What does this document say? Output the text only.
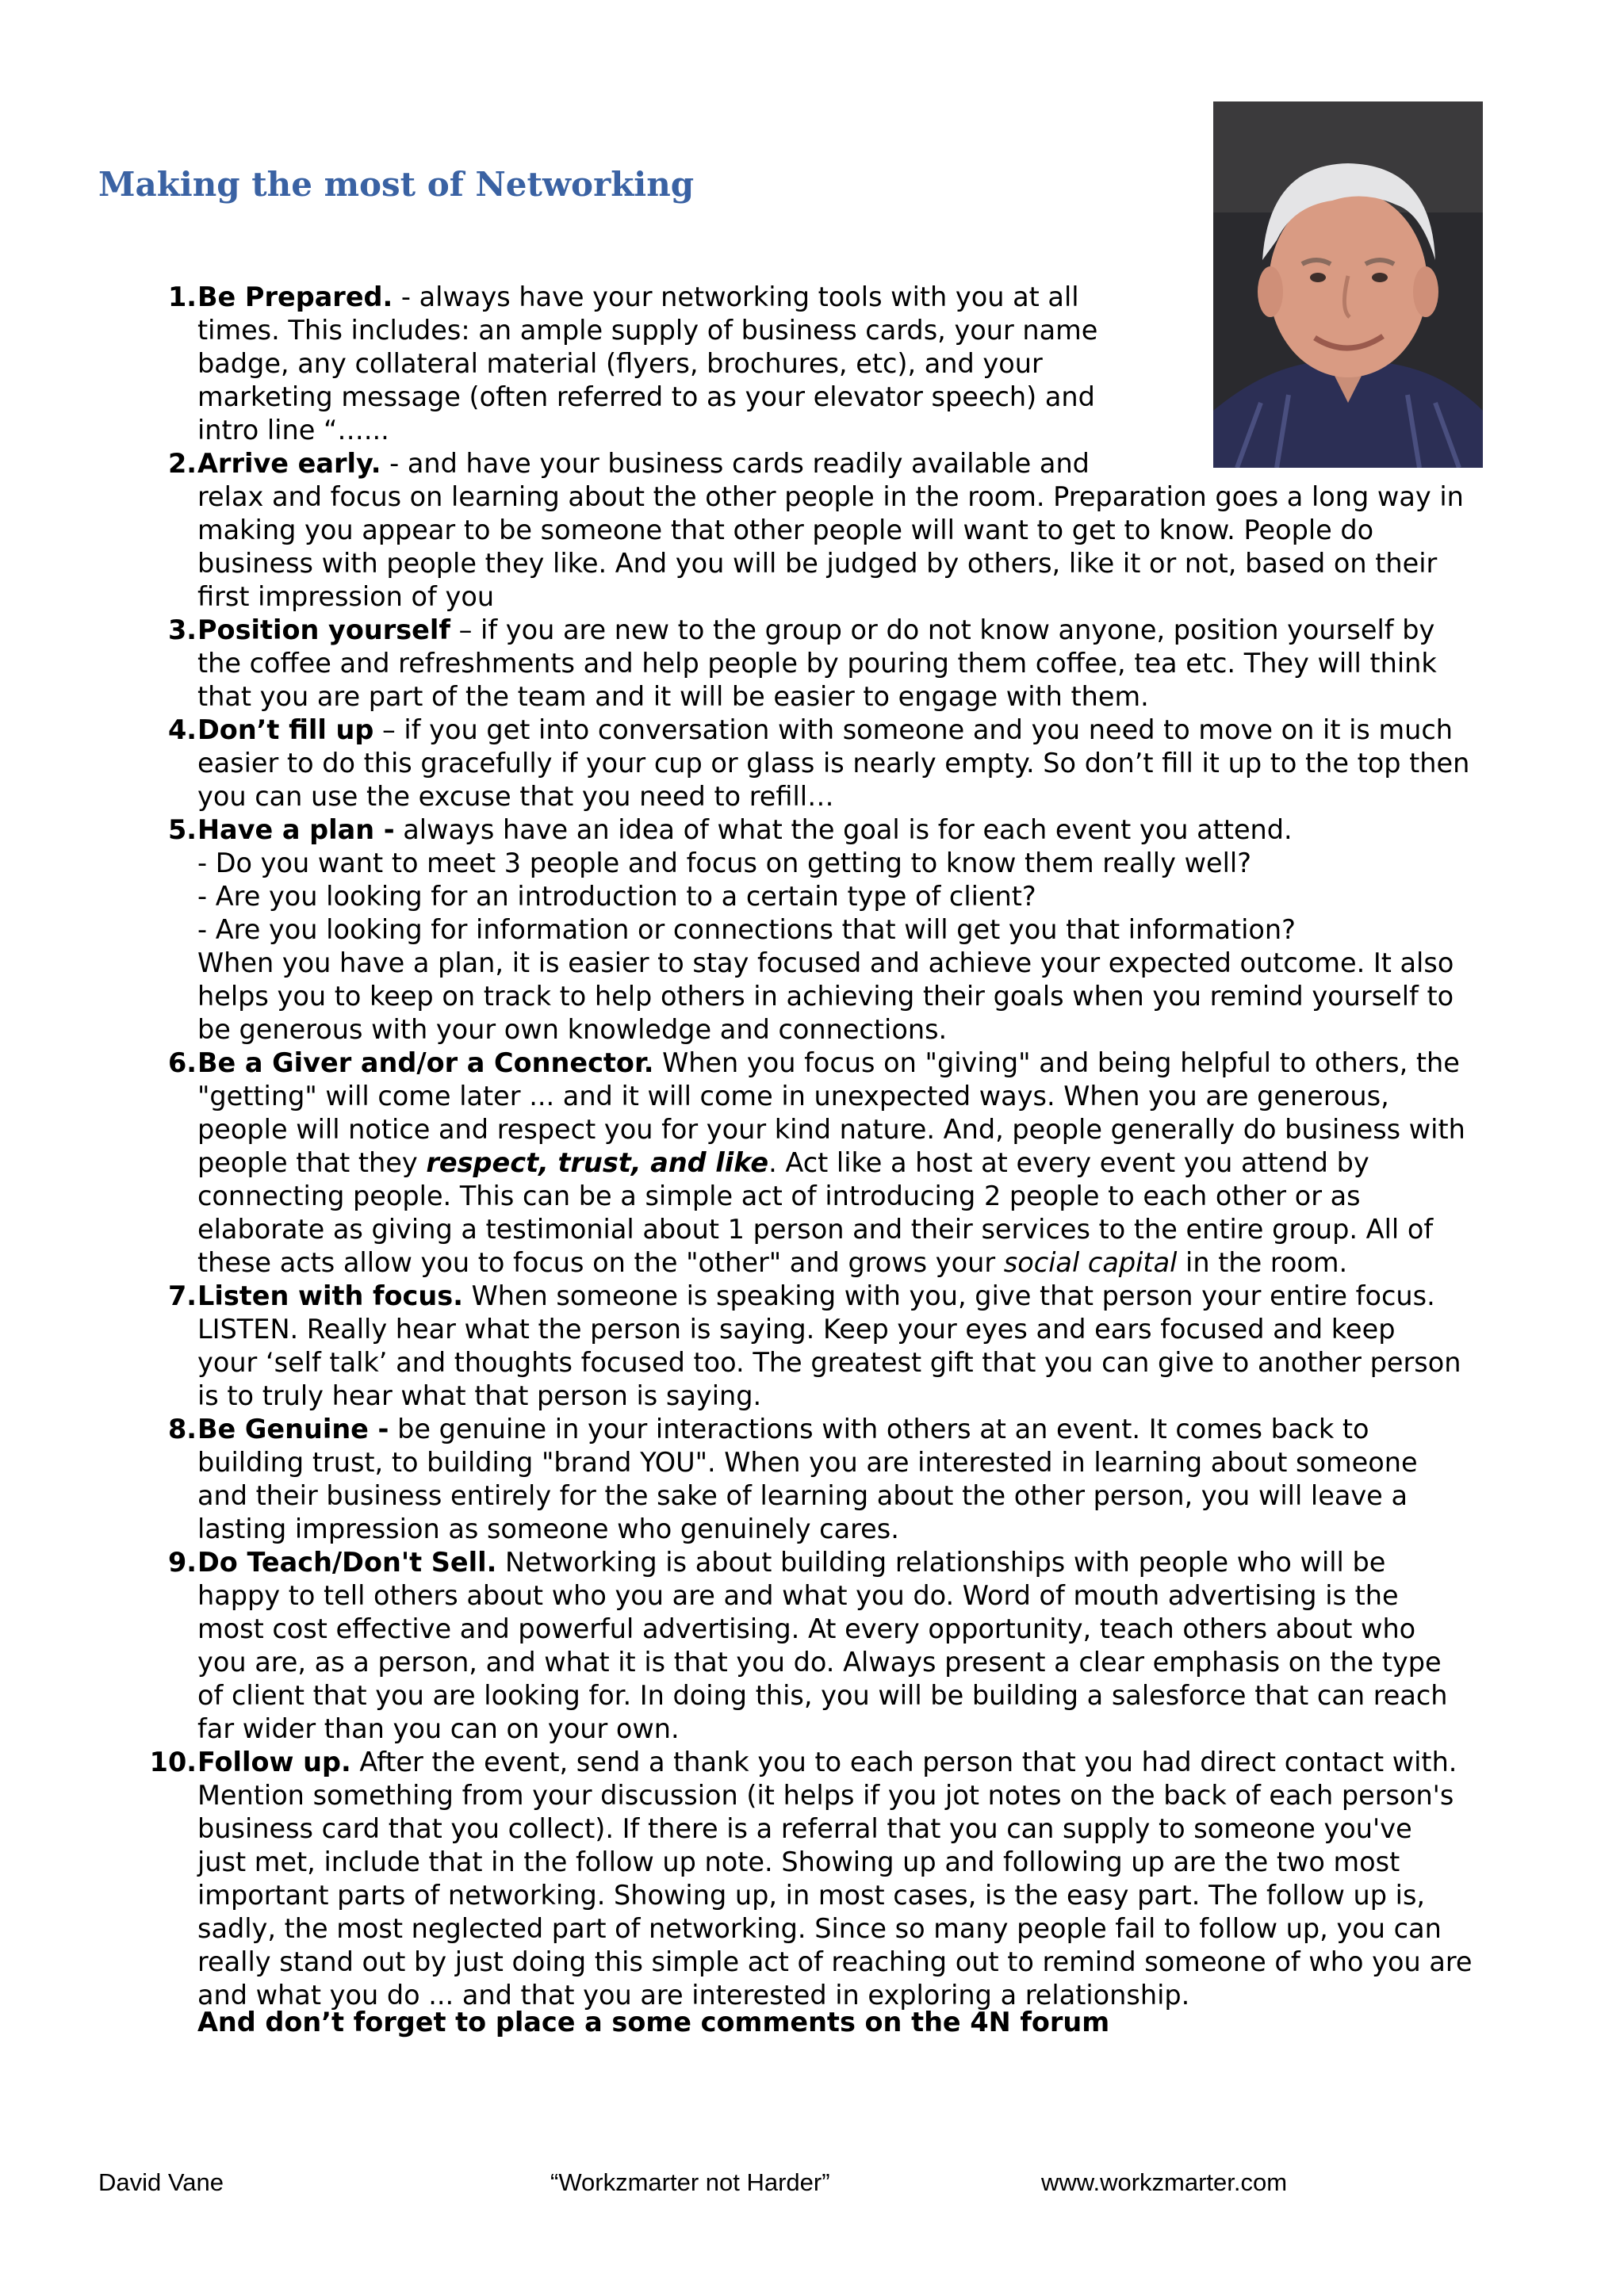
Making the most of Networking
1. Be Prepared. - always have your networking tools with you at all
times. This includes: an ample supply of business cards, your name
badge, any collateral material (flyers, brochures, etc), and your
marketing message (often referred to as your elevator speech) and
intro line “…...
2. Arrive early. - and have your business cards readily available and
relax and focus on learning about the other people in the room. Preparation goes a long way in
making you appear to be someone that other people will want to get to know. People do
business with people they like. And you will be judged by others, like it or not, based on their
first impression of you
3. Position yourself – if you are new to the group or do not know anyone, position yourself by
the coffee and refreshments and help people by pouring them coffee, tea etc. They will think
that you are part of the team and it will be easier to engage with them.
4. Don’t fill up – if you get into conversation with someone and you need to move on it is much
easier to do this gracefully if your cup or glass is nearly empty. So don’t fill it up to the top then
you can use the excuse that you need to refill…
5. Have a plan - always have an idea of what the goal is for each event you attend.
- Do you want to meet 3 people and focus on getting to know them really well?
- Are you looking for an introduction to a certain type of client?
- Are you looking for information or connections that will get you that information?
When you have a plan, it is easier to stay focused and achieve your expected outcome. It also
helps you to keep on track to help others in achieving their goals when you remind yourself to
be generous with your own knowledge and connections.
6. Be a Giver and/or a Connector. When you focus on "giving" and being helpful to others, the
"getting" will come later ... and it will come in unexpected ways. When you are generous,
people will notice and respect you for your kind nature. And, people generally do business with
people that they respect, trust, and like. Act like a host at every event you attend by
connecting people. This can be a simple act of introducing 2 people to each other or as
elaborate as giving a testimonial about 1 person and their services to the entire group. All of
these acts allow you to focus on the "other" and grows your social capital in the room.
7. Listen with focus. When someone is speaking with you, give that person your entire focus.
LISTEN. Really hear what the person is saying. Keep your eyes and ears focused and keep
your ‘self talk’ and thoughts focused too. The greatest gift that you can give to another person
is to truly hear what that person is saying.
8. Be Genuine - be genuine in your interactions with others at an event. It comes back to
building trust, to building "brand YOU". When you are interested in learning about someone
and their business entirely for the sake of learning about the other person, you will leave a
lasting impression as someone who genuinely cares.
9. Do Teach/Don't Sell. Networking is about building relationships with people who will be
happy to tell others about who you are and what you do. Word of mouth advertising is the
most cost effective and powerful advertising. At every opportunity, teach others about who
you are, as a person, and what it is that you do. Always present a clear emphasis on the type
of client that you are looking for. In doing this, you will be building a salesforce that can reach
far wider than you can on your own.
10. Follow up. After the event, send a thank you to each person that you had direct contact with.
Mention something from your discussion (it helps if you jot notes on the back of each person's
business card that you collect). If there is a referral that you can supply to someone you've
just met, include that in the follow up note. Showing up and following up are the two most
important parts of networking. Showing up, in most cases, is the easy part. The follow up is,
sadly, the most neglected part of networking. Since so many people fail to follow up, you can
really stand out by just doing this simple act of reaching out to remind someone of who you are
and what you do ... and that you are interested in exploring a relationship.
And don’t forget to place a some comments on the 4N forum
David Vane	“Workzmarter not Harder”	www.workzmarter.com
